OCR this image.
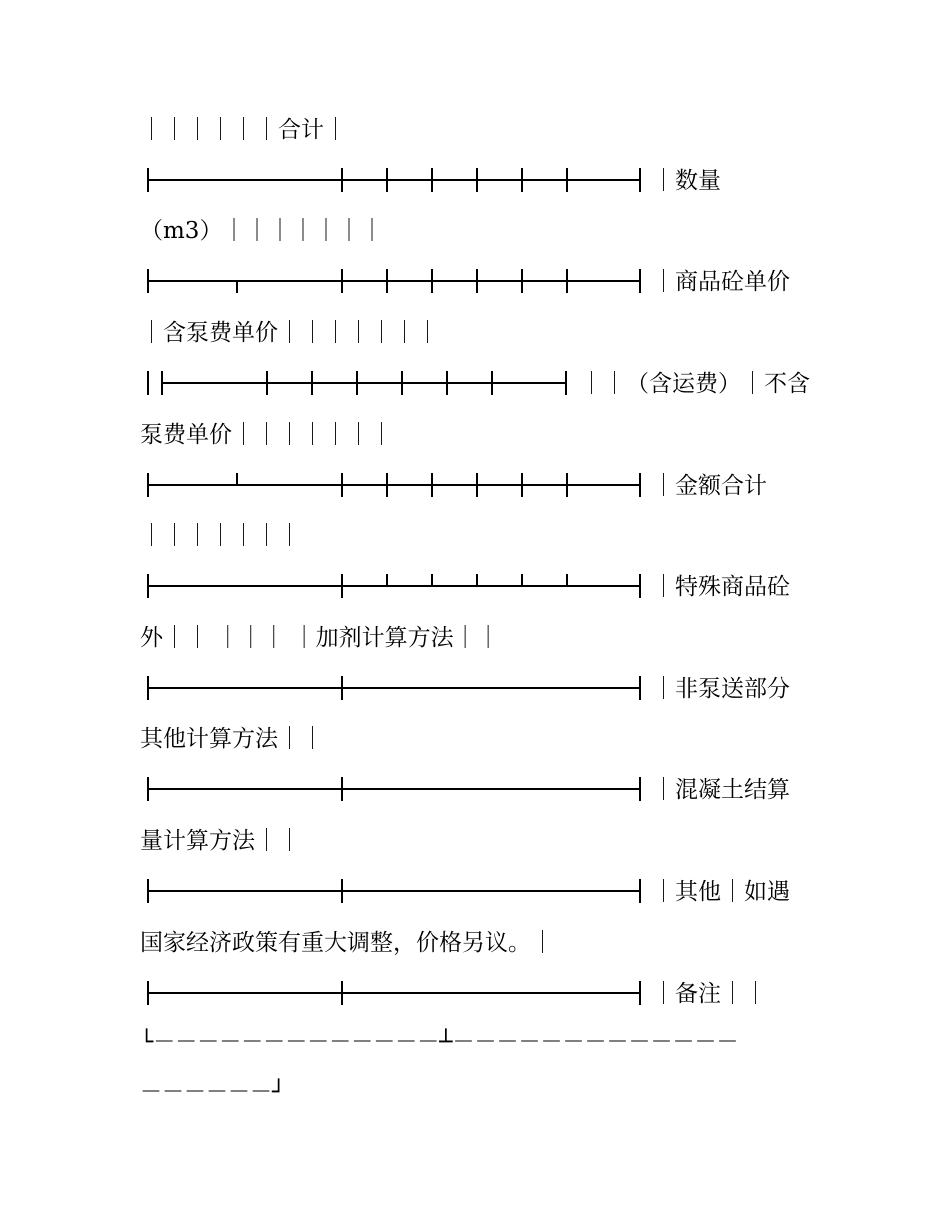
｜｜｜｜｜｜合计｜
｜数量
（m3）｜｜｜｜｜｜｜
｜商品砼单价
｜含泵费单价｜｜｜｜｜｜｜
｜｜（含运费）｜不含
泵费单价｜｜｜｜｜｜｜
｜金额合计
｜｜｜｜｜｜｜
｜特殊商品砼
外｜｜ ｜｜｜ ｜加剂计算方法｜｜
｜非泵送部分
其他计算方法｜｜
｜混凝土结算
量计算方法｜｜
｜其他｜如遇
国家经济政策有重大调整，价格另议。｜
｜备注｜｜
└－－－－－－－－－－－－－┴－－－－－－－－－－－－－
－－－－－－┘
